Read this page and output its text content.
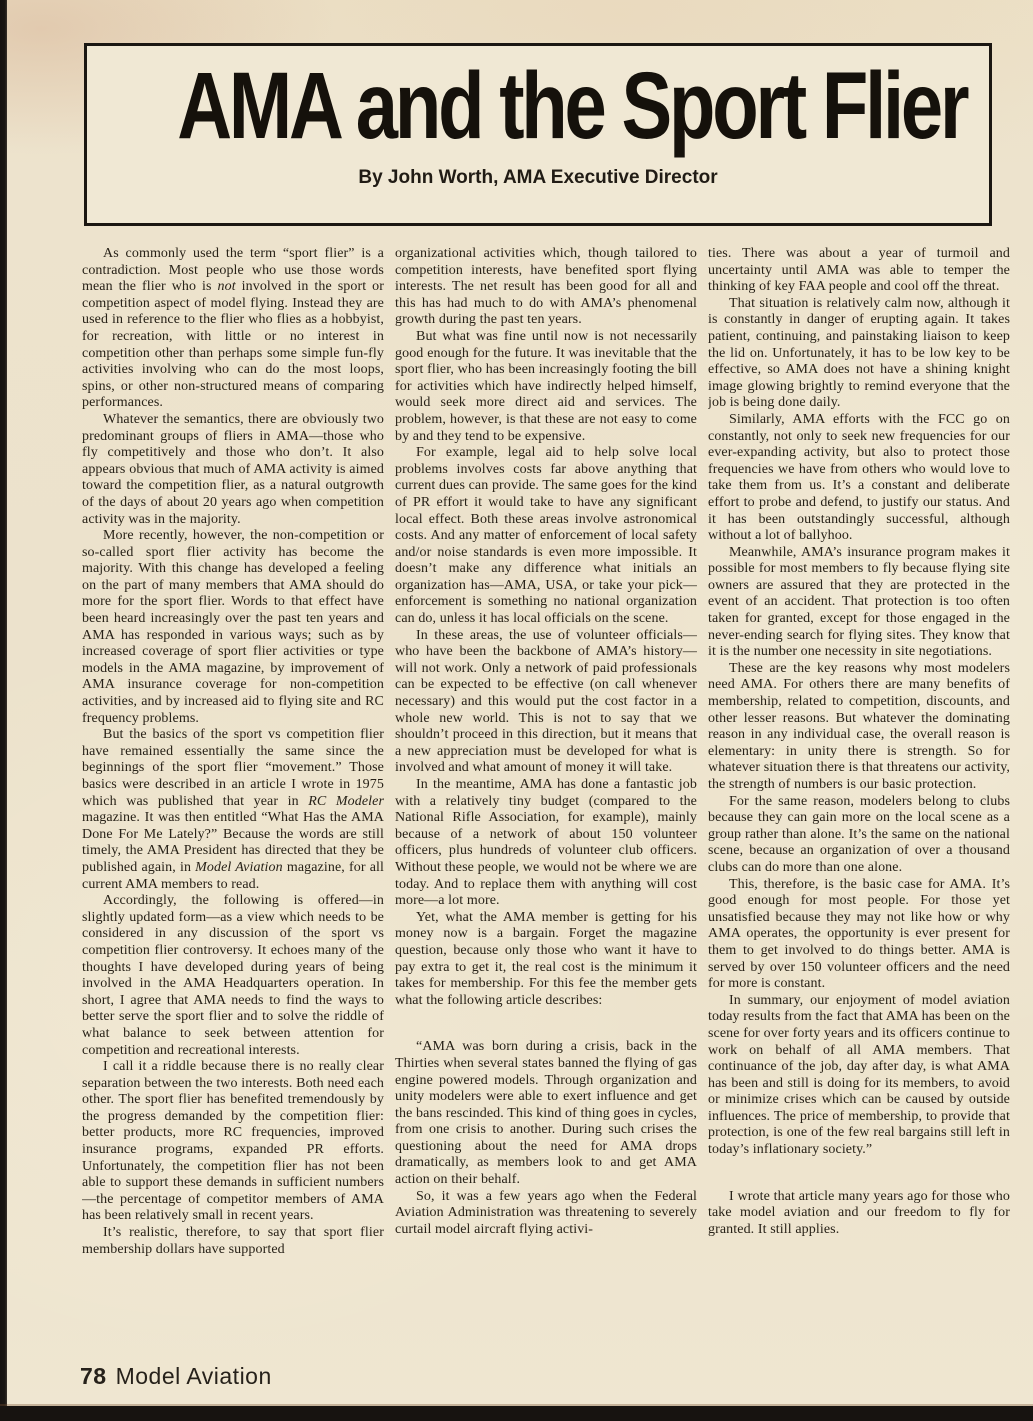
AMA and the Sport Flier
By John Worth, AMA Executive Director

As commonly used the term “sport flier” is a contradiction. Most people who use those words mean the flier who is not involved in the sport or competition aspect of model flying. Instead they are used in reference to the flier who flies as a hobbyist, for recreation, with little or no interest in competition other than perhaps some simple fun-fly activities involving who can do the most loops, spins, or other non-structured means of comparing performances.

Whatever the semantics, there are obviously two predominant groups of fliers in AMA—those who fly competitively and those who don’t. It also appears obvious that much of AMA activity is aimed toward the competition flier, as a natural outgrowth of the days of about 20 years ago when competition activity was in the majority.

More recently, however, the non-competition or so-called sport flier activity has become the majority. With this change has developed a feeling on the part of many members that AMA should do more for the sport flier. Words to that effect have been heard increasingly over the past ten years and AMA has responded in various ways; such as by increased coverage of sport flier activities or type models in the AMA magazine, by improvement of AMA insurance coverage for non-competition activities, and by increased aid to flying site and RC frequency problems.

But the basics of the sport vs competition flier have remained essentially the same since the beginnings of the sport flier “movement.” Those basics were described in an article I wrote in 1975 which was published that year in RC Modeler magazine. It was then entitled “What Has the AMA Done For Me Lately?” Because the words are still timely, the AMA President has directed that they be published again, in Model Aviation magazine, for all current AMA members to read.

Accordingly, the following is offered—in slightly updated form—as a view which needs to be considered in any discussion of the sport vs competition flier controversy. It echoes many of the thoughts I have developed during years of being involved in the AMA Headquarters operation. In short, I agree that AMA needs to find the ways to better serve the sport flier and to solve the riddle of what balance to seek between attention for competition and recreational interests.

I call it a riddle because there is no really clear separation between the two interests. Both need each other. The sport flier has benefited tremendously by the progress demanded by the competition flier: better products, more RC frequencies, improved insurance programs, expanded PR efforts. Unfortunately, the competition flier has not been able to support these demands in sufficient numbers—the percentage of competitor members of AMA has been relatively small in recent years.

It’s realistic, therefore, to say that sport flier membership dollars have supported

organizational activities which, though tailored to competition interests, have benefited sport flying interests. The net result has been good for all and this has had much to do with AMA’s phenomenal growth during the past ten years.

But what was fine until now is not necessarily good enough for the future. It was inevitable that the sport flier, who has been increasingly footing the bill for activities which have indirectly helped himself, would seek more direct aid and services. The problem, however, is that these are not easy to come by and they tend to be expensive.

For example, legal aid to help solve local problems involves costs far above anything that current dues can provide. The same goes for the kind of PR effort it would take to have any significant local effect. Both these areas involve astronomical costs. And any matter of enforcement of local safety and/or noise standards is even more impossible. It doesn’t make any difference what initials an organization has—AMA, USA, or take your pick—enforcement is something no national organization can do, unless it has local officials on the scene.

In these areas, the use of volunteer officials—who have been the backbone of AMA’s history—will not work. Only a network of paid professionals can be expected to be effective (on call whenever necessary) and this would put the cost factor in a whole new world. This is not to say that we shouldn’t proceed in this direction, but it means that a new appreciation must be developed for what is involved and what amount of money it will take.

In the meantime, AMA has done a fantastic job with a relatively tiny budget (compared to the National Rifle Association, for example), mainly because of a network of about 150 volunteer officers, plus hundreds of volunteer club officers. Without these people, we would not be where we are today. And to replace them with anything will cost more—a lot more.

Yet, what the AMA member is getting for his money now is a bargain. Forget the magazine question, because only those who want it have to pay extra to get it, the real cost is the minimum it takes for membership. For this fee the member gets what the following article describes:

“AMA was born during a crisis, back in the Thirties when several states banned the flying of gas engine powered models. Through organization and unity modelers were able to exert influence and get the bans rescinded. This kind of thing goes in cycles, from one crisis to another. During such crises the questioning about the need for AMA drops dramatically, as members look to and get AMA action on their behalf.

So, it was a few years ago when the Federal Aviation Administration was threatening to severely curtail model aircraft flying activi-

ties. There was about a year of turmoil and uncertainty until AMA was able to temper the thinking of key FAA people and cool off the threat.

That situation is relatively calm now, although it is constantly in danger of erupting again. It takes patient, continuing, and painstaking liaison to keep the lid on. Unfortunately, it has to be low key to be effective, so AMA does not have a shining knight image glowing brightly to remind everyone that the job is being done daily.

Similarly, AMA efforts with the FCC go on constantly, not only to seek new frequencies for our ever-expanding activity, but also to protect those frequencies we have from others who would love to take them from us. It’s a constant and deliberate effort to probe and defend, to justify our status. And it has been outstandingly successful, although without a lot of ballyhoo.

Meanwhile, AMA’s insurance program makes it possible for most members to fly because flying site owners are assured that they are protected in the event of an accident. That protection is too often taken for granted, except for those engaged in the never-ending search for flying sites. They know that it is the number one necessity in site negotiations.

These are the key reasons why most modelers need AMA. For others there are many benefits of membership, related to competition, discounts, and other lesser reasons. But whatever the dominating reason in any individual case, the overall reason is elementary: in unity there is strength. So for whatever situation there is that threatens our activity, the strength of numbers is our basic protection.

For the same reason, modelers belong to clubs because they can gain more on the local scene as a group rather than alone. It’s the same on the national scene, because an organization of over a thousand clubs can do more than one alone.

This, therefore, is the basic case for AMA. It’s good enough for most people. For those yet unsatisfied because they may not like how or why AMA operates, the opportunity is ever present for them to get involved to do things better. AMA is served by over 150 volunteer officers and the need for more is constant.

In summary, our enjoyment of model aviation today results from the fact that AMA has been on the scene for over forty years and its officers continue to work on behalf of all AMA members. That continuance of the job, day after day, is what AMA has been and still is doing for its members, to avoid or minimize crises which can be caused by outside influences. The price of membership, to provide that protection, is one of the few real bargains still left in today’s inflationary society.”

I wrote that article many years ago for those who take model aviation and our freedom to fly for granted. It still applies.

78 Model Aviation
